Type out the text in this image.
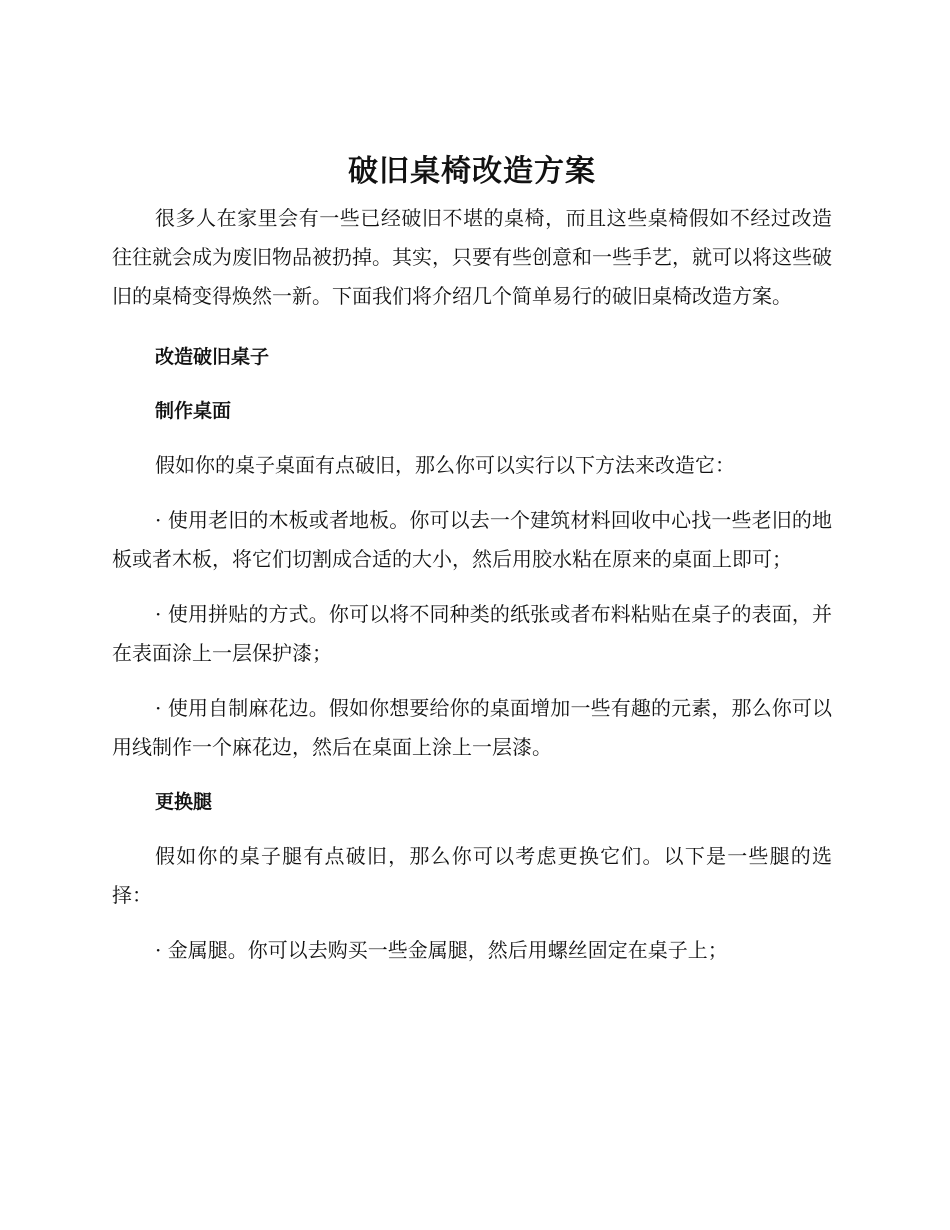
破旧桌椅改造方案

很多人在家里会有一些已经破旧不堪的桌椅，而且这些桌椅假如不经过改造往往就会成为废旧物品被扔掉。其实，只要有些创意和一些手艺，就可以将这些破旧的桌椅变得焕然一新。下面我们将介绍几个简单易行的破旧桌椅改造方案。

改造破旧桌子
制作桌面

假如你的桌子桌面有点破旧，那么你可以实行以下方法来改造它：

· 使用老旧的木板或者地板。你可以去一个建筑材料回收中心找一些老旧的地板或者木板，将它们切割成合适的大小，然后用胶水粘在原来的桌面上即可；

· 使用拼贴的方式。你可以将不同种类的纸张或者布料粘贴在桌子的表面，并在表面涂上一层保护漆；

· 使用自制麻花边。假如你想要给你的桌面增加一些有趣的元素，那么你可以用线制作一个麻花边，然后在桌面上涂上一层漆。

更换腿

假如你的桌子腿有点破旧，那么你可以考虑更换它们。以下是一些腿的选择：

· 金属腿。你可以去购买一些金属腿，然后用螺丝固定在桌子上；
